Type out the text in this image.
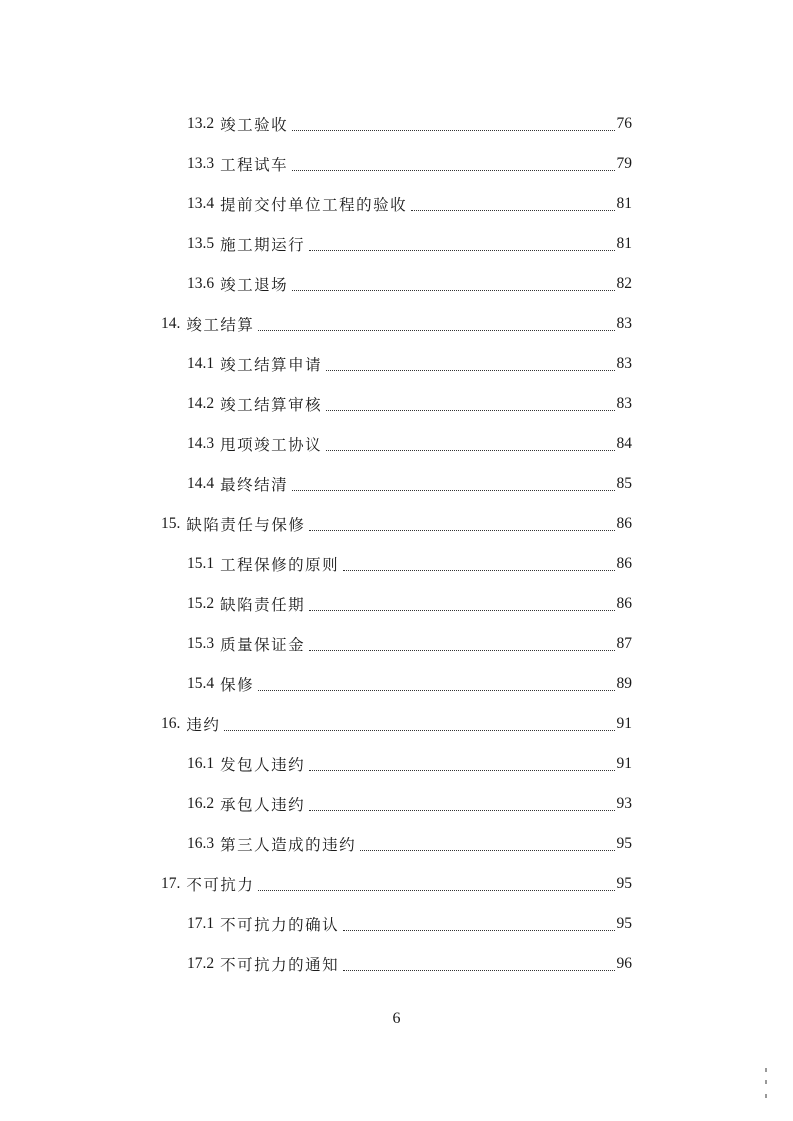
13.2 竣工验收	76
13.3 工程试车	79
13.4 提前交付单位工程的验收	81
13.5 施工期运行	81
13.6 竣工退场	82
14. 竣工结算	83
14.1 竣工结算申请	83
14.2 竣工结算审核	83
14.3 甩项竣工协议	84
14.4 最终结清	85
15. 缺陷责任与保修	86
15.1 工程保修的原则	86
15.2 缺陷责任期	86
15.3 质量保证金	87
15.4 保修	89
16. 违约	91
16.1 发包人违约	91
16.2 承包人违约	93
16.3 第三人造成的违约	95
17. 不可抗力	95
17.1 不可抗力的确认	95
17.2 不可抗力的通知	96
6
